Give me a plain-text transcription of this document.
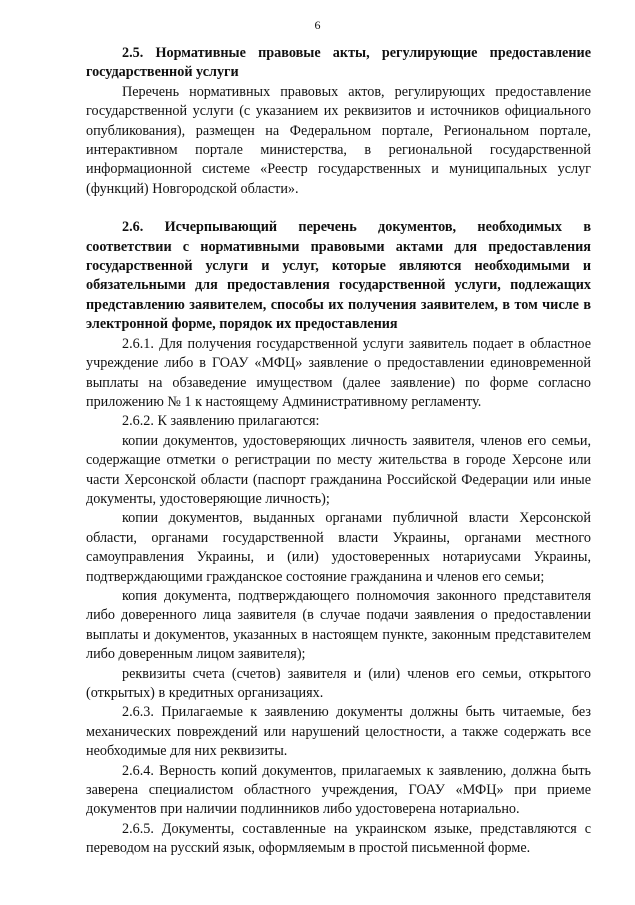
6

2.5. Нормативные правовые акты, регулирующие предоставление государственной услуги

Перечень нормативных правовых актов, регулирующих предоставление государственной услуги (с указанием их реквизитов и источников официального опубликования), размещен на Федеральном портале, Региональном портале, интерактивном портале министерства, в региональной государственной информационной системе «Реестр государственных и муниципальных услуг (функций) Новгородской области».

2.6. Исчерпывающий перечень документов, необходимых в соответствии с нормативными правовыми актами для предоставления государственной услуги и услуг, которые являются необходимыми и обязательными для предоставления государственной услуги, подлежащих представлению заявителем, способы их получения заявителем, в том числе в электронной форме, порядок их предоставления

2.6.1. Для получения государственной услуги заявитель подает в областное учреждение либо в ГОАУ «МФЦ» заявление о предоставлении единовременной выплаты на обзаведение имуществом (далее заявление) по форме согласно приложению № 1 к настоящему Административному регламенту.

2.6.2. К заявлению прилагаются:

копии документов, удостоверяющих личность заявителя, членов его семьи, содержащие отметки о регистрации по месту жительства в городе Херсоне или части Херсонской области (паспорт гражданина Российской Федерации или иные документы, удостоверяющие личность);

копии документов, выданных органами публичной власти Херсонской области, органами государственной власти Украины, органами местного самоуправления Украины, и (или) удостоверенных нотариусами Украины, подтверждающими гражданское состояние гражданина и членов его семьи;

копия документа, подтверждающего полномочия законного представителя либо доверенного лица заявителя (в случае подачи заявления о предоставлении выплаты и документов, указанных в настоящем пункте, законным представителем либо доверенным лицом заявителя);

реквизиты счета (счетов) заявителя и (или) членов его семьи, открытого (открытых) в кредитных организациях.

2.6.3. Прилагаемые к заявлению документы должны быть читаемые, без механических повреждений или нарушений целостности, а также содержать все необходимые для них реквизиты.

2.6.4. Верность копий документов, прилагаемых к заявлению, должна быть заверена специалистом областного учреждения, ГОАУ «МФЦ» при приеме документов при наличии подлинников либо удостоверена нотариально.

2.6.5. Документы, составленные на украинском языке, представляются с переводом на русский язык, оформляемым в простой письменной форме.
